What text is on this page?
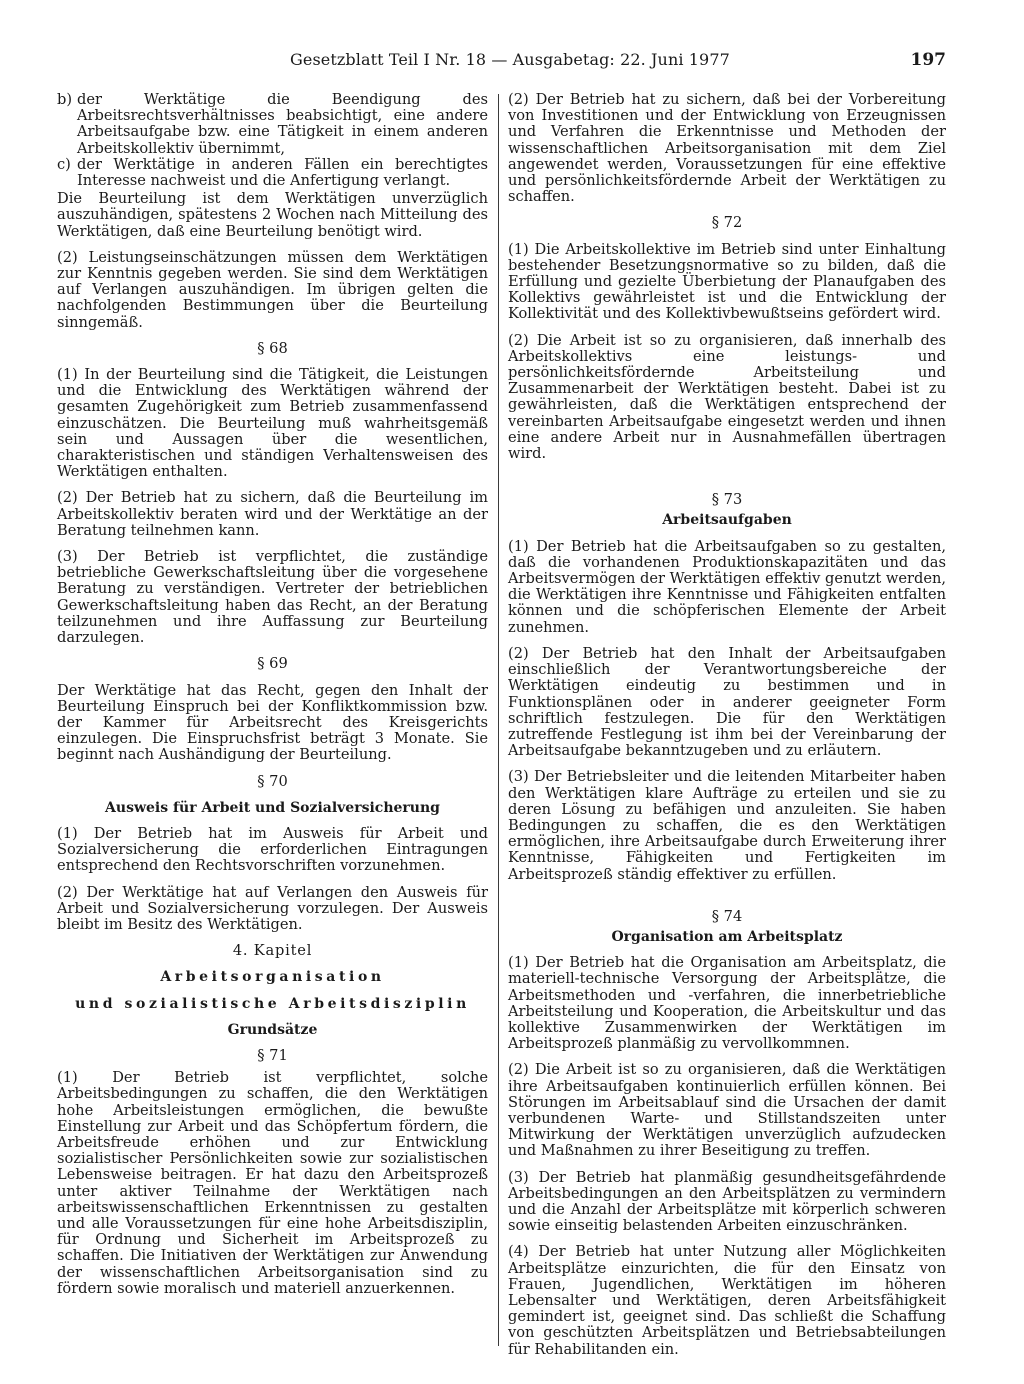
Gesetzblatt Teil I Nr. 18 — Ausgabetag: 22. Juni 1977	197
b) der Werktätige die Beendigung des Arbeitsrechtsverhältnisses beabsichtigt, eine andere Arbeitsaufgabe bzw. eine Tätigkeit in einem anderen Arbeitskollektiv übernimmt,
c) der Werktätige in anderen Fällen ein berechtigtes Interesse nachweist und die Anfertigung verlangt.

Die Beurteilung ist dem Werktätigen unverzüglich auszuhändigen, spätestens 2 Wochen nach Mitteilung des Werktätigen, daß eine Beurteilung benötigt wird.

(2) Leistungseinschätzungen müssen dem Werktätigen zur Kenntnis gegeben werden. Sie sind dem Werktätigen auf Verlangen auszuhändigen. Im übrigen gelten die nachfolgenden Bestimmungen über die Beurteilung sinngemäß.

§ 68

(1) In der Beurteilung sind die Tätigkeit, die Leistungen und die Entwicklung des Werktätigen während der gesamten Zugehörigkeit zum Betrieb zusammenfassend einzuschätzen. Die Beurteilung muß wahrheitsgemäß sein und Aussagen über die wesentlichen, charakteristischen und ständigen Verhaltensweisen des Werktätigen enthalten.

(2) Der Betrieb hat zu sichern, daß die Beurteilung im Arbeitskollektiv beraten wird und der Werktätige an der Beratung teilnehmen kann.

(3) Der Betrieb ist verpflichtet, die zuständige betriebliche Gewerkschaftsleitung über die vorgesehene Beratung zu verständigen. Vertreter der betrieblichen Gewerkschaftsleitung haben das Recht, an der Beratung teilzunehmen und ihre Auffassung zur Beurteilung darzulegen.

§ 69

Der Werktätige hat das Recht, gegen den Inhalt der Beurteilung Einspruch bei der Konfliktkommission bzw. der Kammer für Arbeitsrecht des Kreisgerichts einzulegen. Die Einspruchsfrist beträgt 3 Monate. Sie beginnt nach Aushändigung der Beurteilung.

§ 70

Ausweis für Arbeit und Sozialversicherung

(1) Der Betrieb hat im Ausweis für Arbeit und Sozialversicherung die erforderlichen Eintragungen entsprechend den Rechtsvorschriften vorzunehmen.

(2) Der Werktätige hat auf Verlangen den Ausweis für Arbeit und Sozialversicherung vorzulegen. Der Ausweis bleibt im Besitz des Werktätigen.

4. Kapitel

Arbeitsorganisation

und sozialistische Arbeitsdisziplin

Grundsätze

§ 71

(1) Der Betrieb ist verpflichtet, solche Arbeitsbedingungen zu schaffen, die den Werktätigen hohe Arbeitsleistungen ermöglichen, die bewußte Einstellung zur Arbeit und das Schöpfertum fördern, die Arbeitsfreude erhöhen und zur Entwicklung sozialistischer Persönlichkeiten sowie zur sozialistischen Lebensweise beitragen. Er hat dazu den Arbeitsprozeß unter aktiver Teilnahme der Werktätigen nach arbeitswissenschaftlichen Erkenntnissen zu gestalten und alle Voraussetzungen für eine hohe Arbeitsdisziplin, für Ordnung und Sicherheit im Arbeitsprozeß zu schaffen. Die Initiativen der Werktätigen zur Anwendung der wissenschaftlichen Arbeitsorganisation sind zu fördern sowie moralisch und materiell anzuerkennen.

(2) Der Betrieb hat zu sichern, daß bei der Vorbereitung von Investitionen und der Entwicklung von Erzeugnissen und Verfahren die Erkenntnisse und Methoden der wissenschaftlichen Arbeitsorganisation mit dem Ziel angewendet werden, Voraussetzungen für eine effektive und persönlichkeitsfördernde Arbeit der Werktätigen zu schaffen.

§ 72

(1) Die Arbeitskollektive im Betrieb sind unter Einhaltung bestehender Besetzungsnormative so zu bilden, daß die Erfüllung und gezielte Überbietung der Planaufgaben des Kollektivs gewährleistet ist und die Entwicklung der Kollektivität und des Kollektivbewußtseins gefördert wird.

(2) Die Arbeit ist so zu organisieren, daß innerhalb des Arbeitskollektivs eine leistungs- und persönlichkeitsfördernde Arbeitsteilung und Zusammenarbeit der Werktätigen besteht. Dabei ist zu gewährleisten, daß die Werktätigen entsprechend der vereinbarten Arbeitsaufgabe eingesetzt werden und ihnen eine andere Arbeit nur in Ausnahmefällen übertragen wird.

§ 73

Arbeitsaufgaben

(1) Der Betrieb hat die Arbeitsaufgaben so zu gestalten, daß die vorhandenen Produktionskapazitäten und das Arbeitsvermögen der Werktätigen effektiv genutzt werden, die Werktätigen ihre Kenntnisse und Fähigkeiten entfalten können und die schöpferischen Elemente der Arbeit zunehmen.

(2) Der Betrieb hat den Inhalt der Arbeitsaufgaben einschließlich der Verantwortungsbereiche der Werktätigen eindeutig zu bestimmen und in Funktionsplänen oder in anderer geeigneter Form schriftlich festzulegen. Die für den Werktätigen zutreffende Festlegung ist ihm bei der Vereinbarung der Arbeitsaufgabe bekanntzugeben und zu erläutern.

(3) Der Betriebsleiter und die leitenden Mitarbeiter haben den Werktätigen klare Aufträge zu erteilen und sie zu deren Lösung zu befähigen und anzuleiten. Sie haben Bedingungen zu schaffen, die es den Werktätigen ermöglichen, ihre Arbeitsaufgabe durch Erweiterung ihrer Kenntnisse, Fähigkeiten und Fertigkeiten im Arbeitsprozeß ständig effektiver zu erfüllen.

§ 74

Organisation am Arbeitsplatz

(1) Der Betrieb hat die Organisation am Arbeitsplatz, die materiell-technische Versorgung der Arbeitsplätze, die Arbeitsmethoden und -verfahren, die innerbetriebliche Arbeitsteilung und Kooperation, die Arbeitskultur und das kollektive Zusammenwirken der Werktätigen im Arbeitsprozeß planmäßig zu vervollkommnen.

(2) Die Arbeit ist so zu organisieren, daß die Werktätigen ihre Arbeitsaufgaben kontinuierlich erfüllen können. Bei Störungen im Arbeitsablauf sind die Ursachen der damit verbundenen Warte- und Stillstandszeiten unter Mitwirkung der Werktätigen unverzüglich aufzudecken und Maßnahmen zu ihrer Beseitigung zu treffen.

(3) Der Betrieb hat planmäßig gesundheitsgefährdende Arbeitsbedingungen an den Arbeitsplätzen zu vermindern und die Anzahl der Arbeitsplätze mit körperlich schweren sowie einseitig belastenden Arbeiten einzuschränken.

(4) Der Betrieb hat unter Nutzung aller Möglichkeiten Arbeitsplätze einzurichten, die für den Einsatz von Frauen, Jugendlichen, Werktätigen im höheren Lebensalter und Werktätigen, deren Arbeitsfähigkeit gemindert ist, geeignet sind. Das schließt die Schaffung von geschützten Arbeitsplätzen und Betriebsabteilungen für Rehabilitanden ein.
